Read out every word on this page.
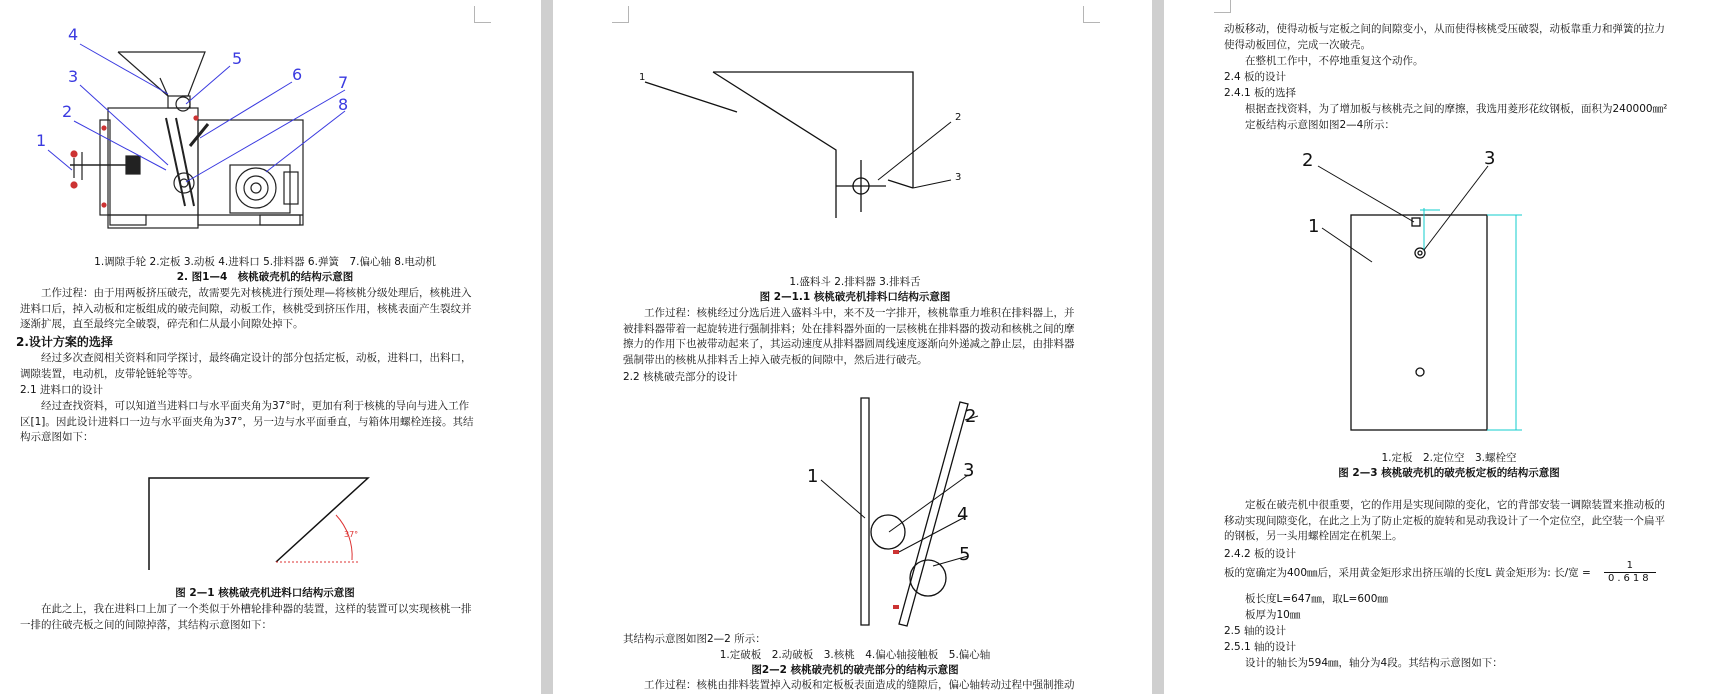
1
2
3
4
5
6 7
8
1.调隙手轮 2.定板 3.动板 4.进料口 5.排料器 6.弹簧　7.偏心轴 8.电动机
2. 图1—4　核桃破壳机的结构示意图
工作过程：由于用两板挤压破壳，故需要先对核桃进行预处理—将核桃分级处理后，核桃进入进料口后，掉入动板和定板组成的破壳间隙，动板工作，核桃受到挤压作用，核桃表面产生裂纹并逐渐扩展，直至最终完全破裂，碎壳和仁从最小间隙处掉下。
2.设计方案的选择
经过多次查阅相关资料和同学探讨，最终确定设计的部分包括定板，动板，进料口，出料口，调隙装置，电动机，皮带轮链轮等等。
2.1 进料口的设计
经过查找资料，可以知道当进料口与水平面夹角为37°时，更加有利于核桃的导向与进入工作区[1]。因此设计进料口一边与水平面夹角为37°，另一边与水平面垂直，与箱体用螺栓连接。其结构示意图如下：
37°
图 2—1 核桃破壳机进料口结构示意图
在此之上，我在进料口上加了一个类似于外槽轮排种器的装置，这样的装置可以实现核桃一排一排的往破壳板之间的间隙掉落，其结构示意图如下：
1
2
3
1.盛料斗 2.排料器 3.排料舌
图 2—1.1 核桃破壳机排料口结构示意图
工作过程：核桃经过分选后进入盛料斗中，来不及一字排开，核桃靠重力堆积在排料器上，并被排料器带着一起旋转进行强制排料；处在排料器外面的一层核桃在排料器的拨动和核桃之间的摩擦力的作用下也被带动起来了，其运动速度从排料器圆周线速度逐渐向外递减之静止层，由排料器强制带出的核桃从排料舌上掉入破壳板的间隙中，然后进行破壳。
2.2 核桃破壳部分的设计
1
2
3
4
5
其结构示意图如图2—2 所示：
1.定破板　2.动破板　3.核桃　4.偏心轴接触板　5.偏心轴
图2—2 核桃破壳机的破壳部分的结构示意图
工作过程：核桃由排料装置掉入动板和定板板表面造成的缝隙后，偏心轴转动过程中强制推动
动板移动，使得动板与定板之间的间隙变小，从而使得核桃受压破裂，动板靠重力和弹簧的拉力使得动板回位，完成一次破壳。
在整机工作中，不停地重复这个动作。
2.4 板的设计
2.4.1 板的选择
根据查找资料，为了增加板与核桃壳之间的摩擦，我选用菱形花纹钢板，面积为240000㎜²
定板结构示意图如图2—4所示：
2	3
1
1.定板　2.定位空　3.螺栓空
图 2—3 核桃破壳机的破壳板定板的结构示意图
定板在破壳机中很重要，它的作用是实现间隙的变化，它的背部安装一调隙装置来推动板的移动实现间隙变化，在此之上为了防止定板的旋转和晃动我设计了一个定位空，此空装一个扁平的钢板，另一头用螺栓固定在机架上。
2.4.2 板的设计
板的宽确定为400㎜后，采用黄金矩形求出挤压端的长度L 黄金矩形为: 长/宽 = $\frac{1}{0.618}$
板长度L=647㎜，取L=600㎜
板厚为10㎜
2.5 轴的设计
2.5.1 轴的设计
设计的轴长为594㎜，轴分为4段。其结构示意图如下：
